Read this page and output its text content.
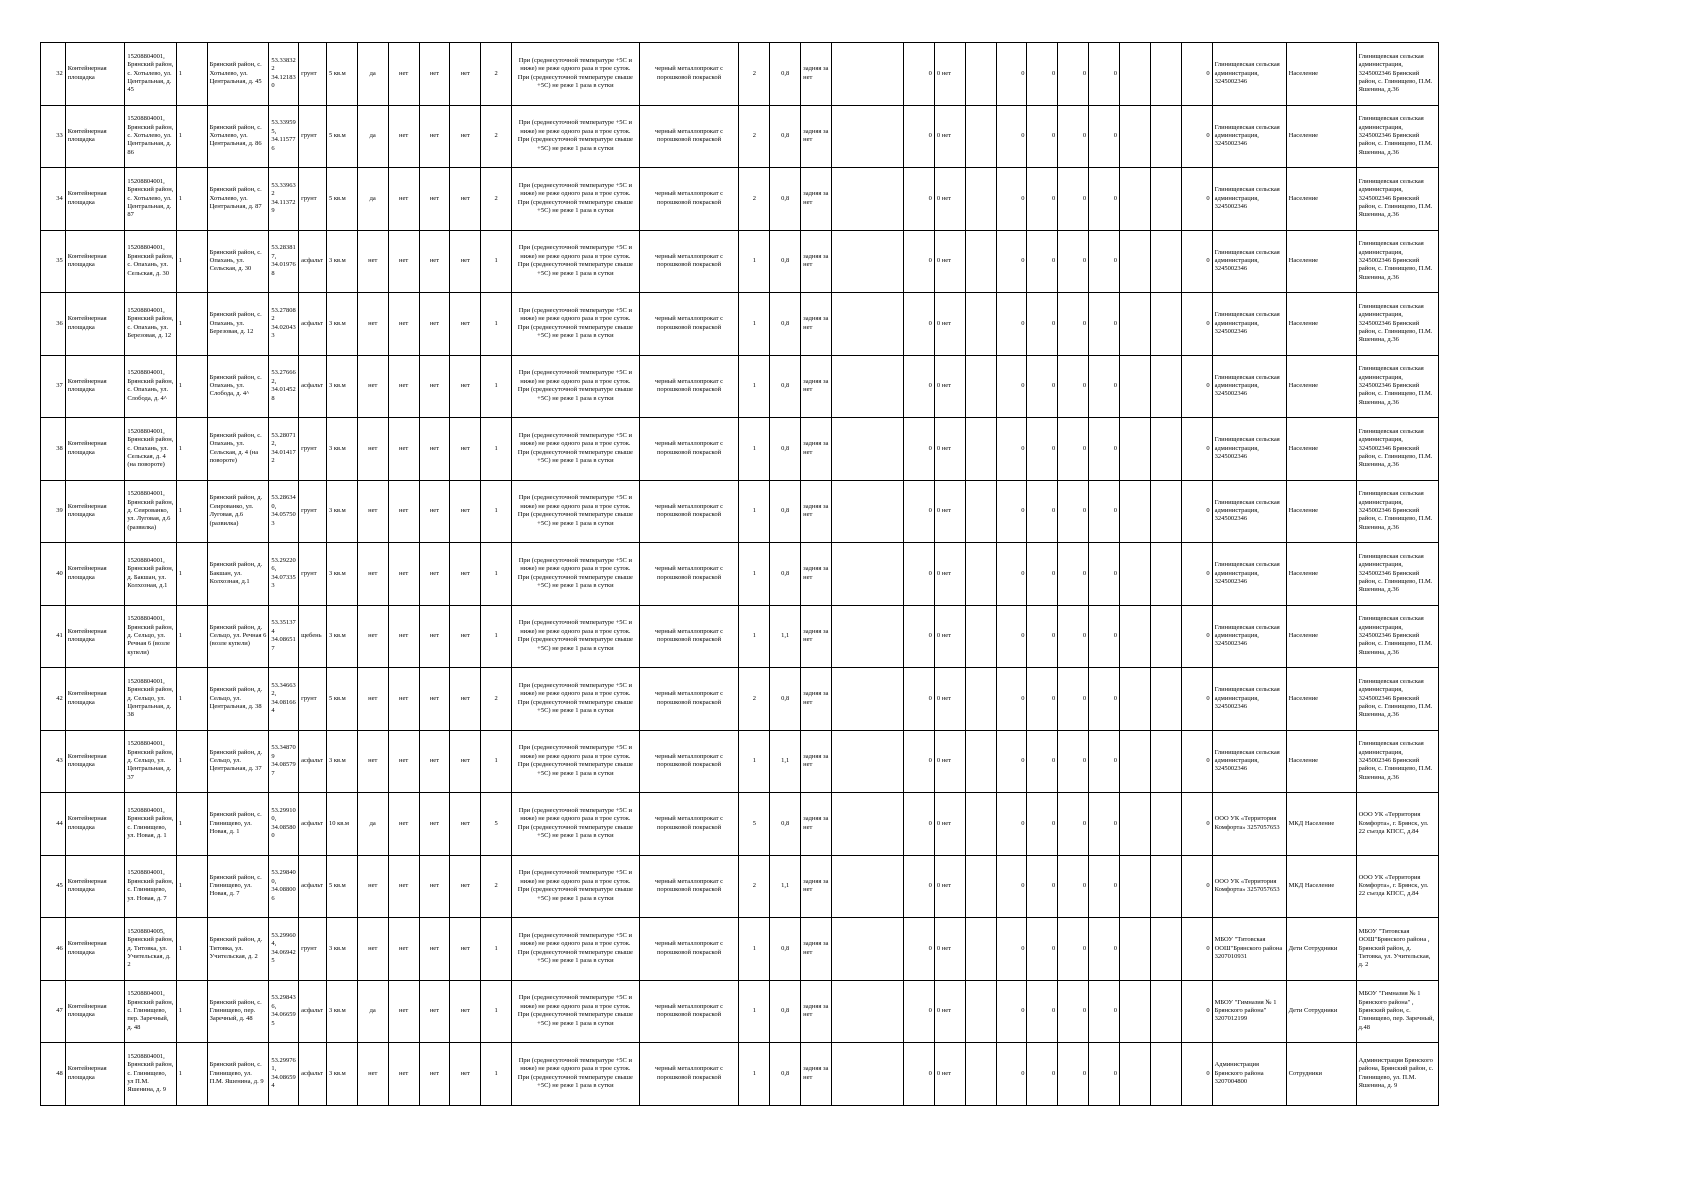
32	Контейнерная площадка	15208804001, Брянский район, с. Хотылево, ул. Центральная, д. 45	1	Брянский район, с. Хотылево, ул. Центральная, д. 45	53.33832 2 34.12183 0	грунт	5 кв.м	да	нет	нет	нет	2	При (среднесуточной температуре +5С и ниже) не реже одного раза в трое суток. При (среднесуточной температуре свыше +5С) не реже 1 раза в сутки	черный металлопрокат с порошковой покраской	2	0,8	задняя за нет		0	0 нет		0	0	0	0			0	Глинищевская сельская администрация, 3245002346	Население	Глинищевская сельская администрация, 3245002346 Брянский район, с. Глинищево, П.М. Яшенина, д.36
33	Контейнерная площадка	15208804001, Брянский район, с. Хотылево, ул. Центральная, д. 86	1	Брянский район, с. Хотылево, ул. Центральная, д. 86	53.33959 5, 34.11577 6	грунт	5 кв.м	да	нет	нет	нет	2	При (среднесуточной температуре +5С и ниже) не реже одного раза в трое суток. При (среднесуточной температуре свыше +5С) не реже 1 раза в сутки	черный металлопрокат с порошковой покраской	2	0,8	задняя за нет		0	0 нет		0	0	0	0			0	Глинищевская сельская администрация, 3245002346	Население	Глинищевская сельская администрация, 3245002346 Брянский район, с. Глинищево, П.М. Яшенина, д.36
34	Контейнерная площадка	15208804001, Брянский район, с. Хотылево, ул. Центральная, д. 87	1	Брянский район, с. Хотылево, ул. Центральная, д. 87	53.33963 2 34.11372 9	грунт	5 кв.м	да	нет	нет	нет	2	При (среднесуточной температуре +5С и ниже) не реже одного раза в трое суток. При (среднесуточной температуре свыше +5С) не реже 1 раза в сутки	черный металлопрокат с порошковой покраской	2	0,8	задняя за нет		0	0 нет		0	0	0	0			0	Глинищевская сельская администрация, 3245002346	Население	Глинищевская сельская администрация, 3245002346 Брянский район, с. Глинищево, П.М. Яшенина, д.36
35	Контейнерная площадка	15208804001, Брянский район, с. Опахань, ул. Сельская, д. 30	1	Брянский район, с. Опахань, ул. Сельская, д. 30	53.28381 7, 34.01976 8	асфальт	3 кв.м	нет	нет	нет	нет	1	При (среднесуточной температуре +5С и ниже) не реже одного раза в трое суток. При (среднесуточной температуре свыше +5С) не реже 1 раза в сутки	черный металлопрокат с порошковой покраской	1	0,8	задняя за нет		0	0 нет		0	0	0	0			0	Глинищевская сельская администрация, 3245002346	Население	Глинищевская сельская администрация, 3245002346 Брянский район, с. Глинищево, П.М. Яшенина, д.36
36	Контейнерная площадка	15208804001, Брянский район, с. Опахань, ул. Березовая, д. 12	1	Брянский район, с. Опахань, ул. Березовая, д. 12	53.27808 2 34.02043 3	асфальт	3 кв.м	нет	нет	нет	нет	1	При (среднесуточной температуре +5С и ниже) не реже одного раза в трое суток. При (среднесуточной температуре свыше +5С) не реже 1 раза в сутки	черный металлопрокат с порошковой покраской	1	0,8	задняя за нет		0	0 нет		0	0	0	0			0	Глинищевская сельская администрация, 3245002346	Население	Глинищевская сельская администрация, 3245002346 Брянский район, с. Глинищево, П.М. Яшенина, д.36
37	Контейнерная площадка	15208804001, Брянский район, с. Опахань, ул. Слобода, д. 4^	1	Брянский район, с. Опахань, ул. Слобода, д. 4^	53.27666 2, 34.01452 8	асфальт	3 кв.м	нет	нет	нет	нет	1	При (среднесуточной температуре +5С и ниже) не реже одного раза в трое суток. При (среднесуточной температуре свыше +5С) не реже 1 раза в сутки	черный металлопрокат с порошковой покраской	1	0,8	задняя за нет		0	0 нет		0	0	0	0			0	Глинищевская сельская администрация, 3245002346	Население	Глинищевская сельская администрация, 3245002346 Брянский район, с. Глинищево, П.М. Яшенина, д.36
38	Контейнерная площадка	15208804001, Брянский район, с. Опахань, ул. Сельская, д. 4 (на повороте)	1	Брянский район, с. Опахань, ул. Сельская, д. 4 (на повороте)	53.28071 2, 34.01417 2	грунт	3 кв.м	нет	нет	нет	нет	1	При (среднесуточной температуре +5С и ниже) не реже одного раза в трое суток. При (среднесуточной температуре свыше +5С) не реже 1 раза в сутки	черный металлопрокат с порошковой покраской	1	0,8	задняя за нет		0	0 нет		0	0	0	0			0	Глинищевская сельская администрация, 3245002346	Население	Глинищевская сельская администрация, 3245002346 Брянский район, с. Глинищево, П.М. Яшенина, д.36
39	Контейнерная площадка	15208804001, Брянский район, д. Сеированко, ул. Луговая, д.6 (развилка)	1	Брянский район, д. Сеированко, ул. Луговая, д.6 (развилка)	53.28634 0, 34.05750 3	грунт	3 кв.м	нет	нет	нет	нет	1	При (среднесуточной температуре +5С и ниже) не реже одного раза в трое суток. При (среднесуточной температуре свыше +5С) не реже 1 раза в сутки	черный металлопрокат с порошковой покраской	1	0,8	задняя за нет		0	0 нет		0	0	0	0			0	Глинищевская сельская администрация, 3245002346	Население	Глинищевская сельская администрация, 3245002346 Брянский район, с. Глинищево, П.М. Яшенина, д.36
40	Контейнерная площадка	15208804001, Брянский район, д. Бакшан, ул. Колхозная, д.1	1	Брянский район, д. Бакшан, ул. Колхозная, д.1	53.29220 6, 34.07335 3	грунт	3 кв.м	нет	нет	нет	нет	1	При (среднесуточной температуре +5С и ниже) не реже одного раза в трое суток. При (среднесуточной температуре свыше +5С) не реже 1 раза в сутки	черный металлопрокат с порошковой покраской	1	0,8	задняя за нет		0	0 нет		0	0	0	0			0	Глинищевская сельская администрация, 3245002346	Население	Глинищевская сельская администрация, 3245002346 Брянский район, с. Глинищево, П.М. Яшенина, д.36
41	Контейнерная площадка	15208804001, Брянский район, д. Сельцо, ул. Речная 6 (возле купели)	1	Брянский район, д. Сельцо, ул. Речная 6 (возле купели)	53.35137 4 34.08651 7	щебень	3 кв.м	нет	нет	нет	нет	1	При (среднесуточной температуре +5С и ниже) не реже одного раза в трое суток. При (среднесуточной температуре свыше +5С) не реже 1 раза в сутки	черный металлопрокат с порошковой покраской	1	1,1	задняя за нет		0	0 нет		0	0	0	0			0	Глинищевская сельская администрация, 3245002346	Население	Глинищевская сельская администрация, 3245002346 Брянский район, с. Глинищево, П.М. Яшенина, д.36
42	Контейнерная площадка	15208804001, Брянский район, д. Сельцо, ул. Центральная, д. 38	1	Брянский район, д. Сельцо, ул. Центральная, д. 38	53.34663 2, 34.08166 4	грунт	5 кв.м	нет	нет	нет	нет	2	При (среднесуточной температуре +5С и ниже) не реже одного раза в трое суток. При (среднесуточной температуре свыше +5С) не реже 1 раза в сутки	черный металлопрокат с порошковой покраской	2	0,8	задняя за нет		0	0 нет		0	0	0	0			0	Глинищевская сельская администрация, 3245002346	Население	Глинищевская сельская администрация, 3245002346 Брянский район, с. Глинищево, П.М. Яшенина, д.36
43	Контейнерная площадка	15208804001, Брянский район, д. Сельцо, ул. Центральная, д. 37	1	Брянский район, д. Сельцо, ул. Центральная, д. 37	53.34870 9 34.08579 7	асфальт	3 кв.м	нет	нет	нет	нет	1	При (среднесуточной температуре +5С и ниже) не реже одного раза в трое суток. При (среднесуточной температуре свыше +5С) не реже 1 раза в сутки	черный металлопрокат с порошковой покраской	1	1,1	задняя за нет		0	0 нет		0	0	0	0			0	Глинищевская сельская администрация, 3245002346	Население	Глинищевская сельская администрация, 3245002346 Брянский район, с. Глинищево, П.М. Яшенина, д.36
44	Контейнерная площадка	15208804001, Брянский район, с. Глинищево, ул. Новая, д. 1	1	Брянский район, с. Глинищево, ул. Новая, д. 1	53.29910 0, 34.08580 0	асфальт	10 кв.м	да	нет	нет	нет	5	При (среднесуточной температуре +5С и ниже) не реже одного раза в трое суток. При (среднесуточной температуре свыше +5С) не реже 1 раза в сутки	черный металлопрокат с порошковой покраской	5	0,8	задняя за нет		0	0 нет		0	0	0	0			0	ООО УК «Территория Комфорта» 3257057653	МКД Население	ООО УК «Территория Комфорта», г. Брянск, ул. 22 съезда КПСС, д.84
45	Контейнерная площадка	15208804001, Брянский район, с. Глинищево, ул. Новая, д. 7	1	Брянский район, с. Глинищево, ул. Новая, д. 7	53.29840 0, 34.08800 6	асфальт	5 кв.м	нет	нет	нет	нет	2	При (среднесуточной температуре +5С и ниже) не реже одного раза в трое суток. При (среднесуточной температуре свыше +5С) не реже 1 раза в сутки	черный металлопрокат с порошковой покраской	2	1,1	задняя за нет		0	0 нет		0	0	0	0			0	ООО УК «Территория Комфорта» 3257057653	МКД Население	ООО УК «Территория Комфорта», г. Брянск, ул. 22 съезда КПСС, д.84
46	Контейнерная площадка	15208804005, Брянский район, д. Титовка, ул. Учительская, д. 2	1	Брянский район, д. Титовка, ул. Учительская, д. 2	53.29960 4, 34.06942 5	грунт	3 кв.м	нет	нет	нет	нет	1	При (среднесуточной температуре +5С и ниже) не реже одного раза в трое суток. При (среднесуточной температуре свыше +5С) не реже 1 раза в сутки	черный металлопрокат с порошковой покраской	1	0,8	задняя за нет		0	0 нет		0	0	0	0			0	МБОУ "Титовская ООШ"Брянского района 3207010931	Дети Сотрудники	МБОУ "Титовская ООШ"Брянского района , Брянский район, д. Титовка, ул. Учительская, д. 2
47	Контейнерная площадка	15208804001, Брянский район, с. Глинищево, пер. Заречный, д. 48	1	Брянский район, с. Глинищево, пер. Заречный, д. 48	53.29843 6, 34.06659 5	асфальт	3 кв.м	да	нет	нет	нет	1	При (среднесуточной температуре +5С и ниже) не реже одного раза в трое суток. При (среднесуточной температуре свыше +5С) не реже 1 раза в сутки	черный металлопрокат с порошковой покраской	1	0,8	задняя за нет		0	0 нет		0	0	0	0			0	МБОУ "Гимназия № 1 Брянского района" 3207012199	Дети Сотрудники	МБОУ "Гимназия № 1 Брянского района" , Брянский район, с. Глинищево, пер. Заречный, д.48
48	Контейнерная площадка	15208804001, Брянский район, с. Глинищево, ул П.М. Яшенина, д. 9	1	Брянский район, с. Глинищево, ул. П.М. Яшенина, д. 9	53.29976 1, 34.08659 4	асфальт	3 кв.м	нет	нет	нет	нет	1	При (среднесуточной температуре +5С и ниже) не реже одного раза в трое суток. При (среднесуточной температуре свыше +5С) не реже 1 раза в сутки	черный металлопрокат с порошковой покраской	1	0,8	задняя за нет		0	0 нет		0	0	0	0			0	Администрация Брянского района 3207004800	Сотрудники	Администрация Брянского района, Брянский район, с. Глинищево, ул. П.М. Яшенина, д. 9
